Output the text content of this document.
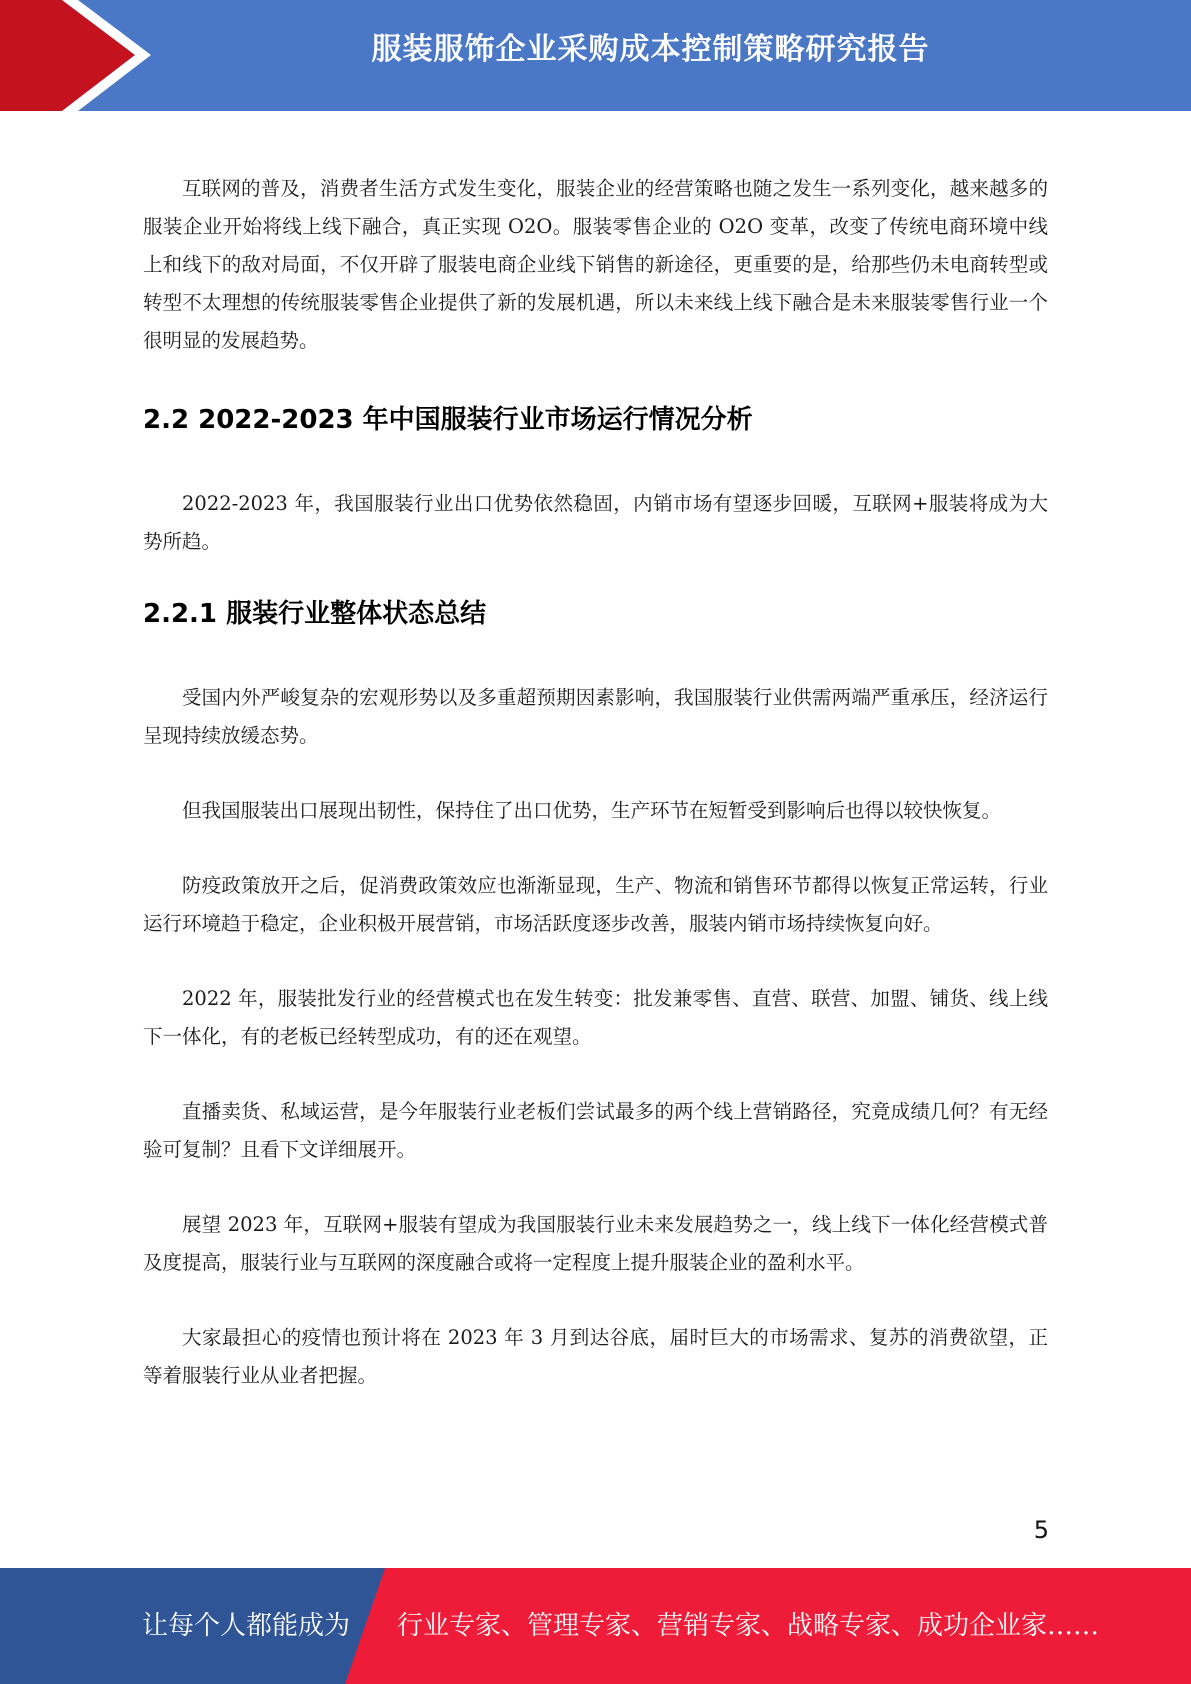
服装服饰企业采购成本控制策略研究报告

互联网的普及，消费者生活方式发生变化，服装企业的经营策略也随之发生一系列变化，越来越多的服装企业开始将线上线下融合，真正实现 O2O。服装零售企业的 O2O 变革，改变了传统电商环境中线上和线下的敌对局面，不仅开辟了服装电商企业线下销售的新途径，更重要的是，给那些仍未电商转型或转型不太理想的传统服装零售企业提供了新的发展机遇，所以未来线上线下融合是未来服装零售行业一个很明显的发展趋势。

2.2 2022-2023 年中国服装行业市场运行情况分析

2022-2023 年，我国服装行业出口优势依然稳固，内销市场有望逐步回暖，互联网+服装将成为大势所趋。

2.2.1 服装行业整体状态总结

受国内外严峻复杂的宏观形势以及多重超预期因素影响，我国服装行业供需两端严重承压，经济运行呈现持续放缓态势。

但我国服装出口展现出韧性，保持住了出口优势，生产环节在短暂受到影响后也得以较快恢复。

防疫政策放开之后，促消费政策效应也渐渐显现，生产、物流和销售环节都得以恢复正常运转，行业运行环境趋于稳定，企业积极开展营销，市场活跃度逐步改善，服装内销市场持续恢复向好。

2022 年，服装批发行业的经营模式也在发生转变：批发兼零售、直营、联营、加盟、铺货、线上线下一体化，有的老板已经转型成功，有的还在观望。

直播卖货、私域运营，是今年服装行业老板们尝试最多的两个线上营销路径，究竟成绩几何？有无经验可复制？且看下文详细展开。

展望 2023 年，互联网+服装有望成为我国服装行业未来发展趋势之一，线上线下一体化经营模式普及度提高，服装行业与互联网的深度融合或将一定程度上提升服装企业的盈利水平。

大家最担心的疫情也预计将在 2023 年 3 月到达谷底，届时巨大的市场需求、复苏的消费欲望，正等着服装行业从业者把握。

5
让每个人都能成为 行业专家、管理专家、营销专家、战略专家、成功企业家……
